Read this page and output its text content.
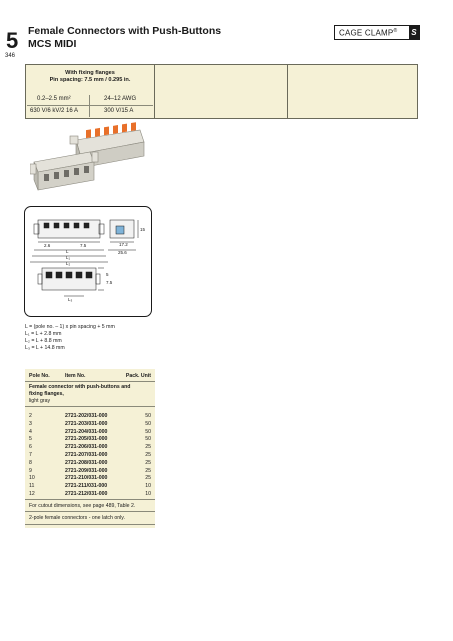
5
346
Female Connectors with Push-Buttons
MCS MIDI
CAGE CLAMP®	S
With fixing flanges
Pin spacing: 7.5 mm / 0.295 in.
0.2–2.5 mm²	24–12 AWG
630 V/6 kV/2 16 A	300 V/15 A
2.6	7.5
L
L₁
L₂
15
17.2
25.6
5
7.5
L₃
L = (pole no. – 1) x pin spacing + 5 mm
L₁ = L + 2.8 mm
L₂ = L + 8.8 mm
L₃ = L + 14.8 mm
Pole No.	Item No.	Pack. Unit
Female connector with push-buttons and
fixing flanges,
light gray
2	2721-202/031-000	50
3	2721-203/031-000	50
4	2721-204/031-000	50
5	2721-205/031-000	50
6	2721-206/031-000	25
7	2721-207/031-000	25
8	2721-208/031-000	25
9	2721-209/031-000	25
10	2721-210/031-000	25
11	2721-211/031-000	10
12	2721-212/031-000	10
For cutout dimensions, see page 489, Table 2.
2-pole female connectors - one latch only.
